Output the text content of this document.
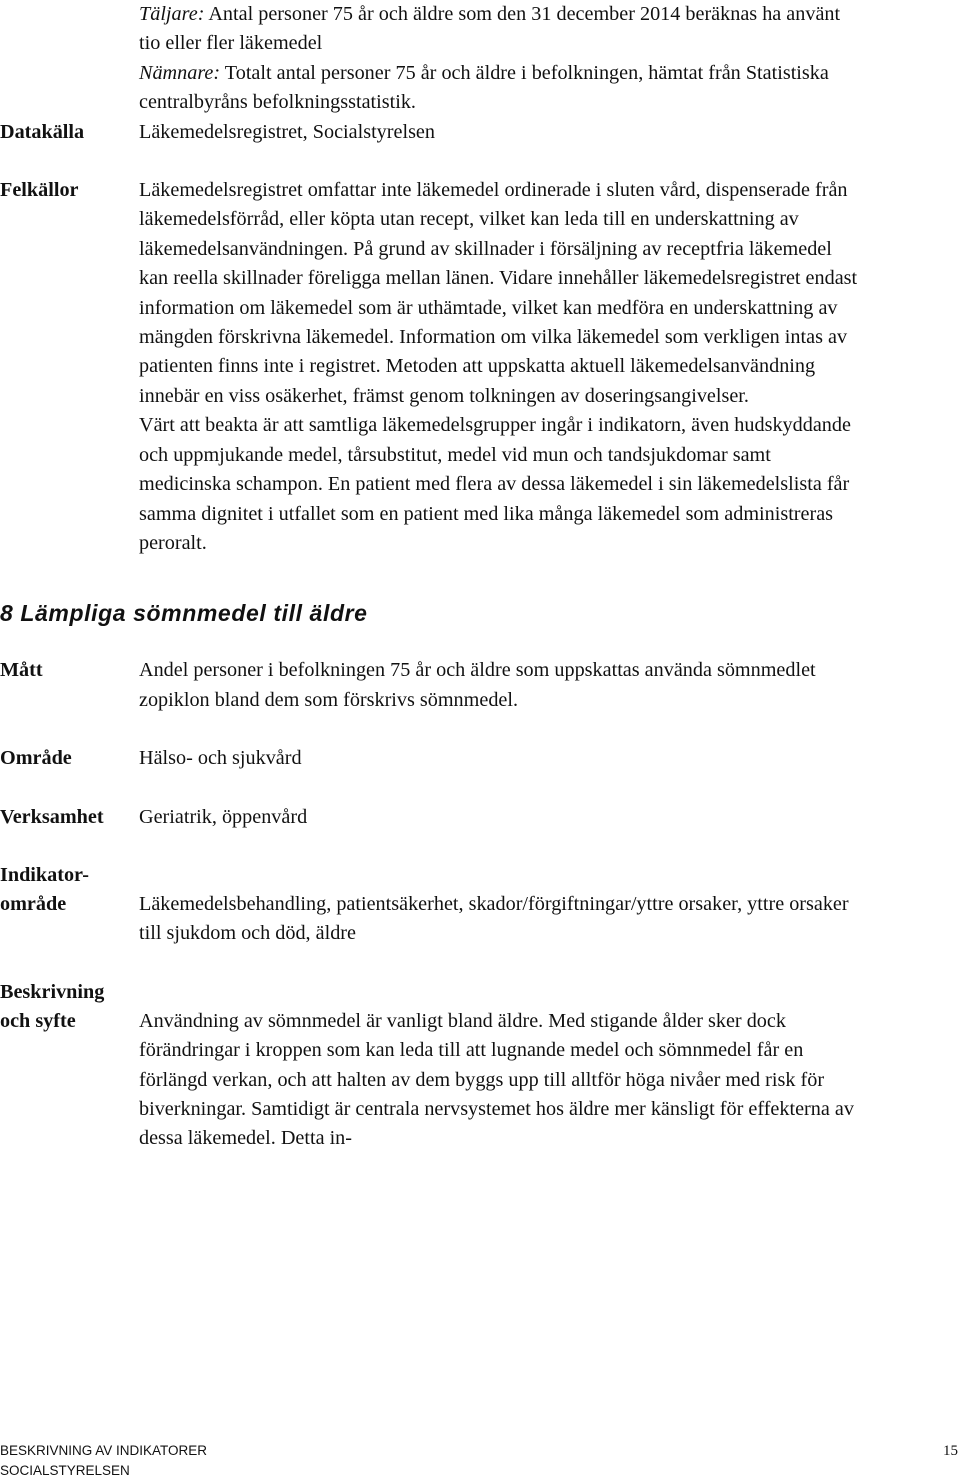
Täljare: Antal personer 75 år och äldre som den 31 december 2014 beräknas ha använt tio eller fler läkemedel
Nämnare: Totalt antal personer 75 år och äldre i befolkningen, hämtat från Statistiska centralbyråns befolkningsstatistik.
Datakälla	Läkemedelsregistret, Socialstyrelsen
Felkällor	Läkemedelsregistret omfattar inte läkemedel ordinerade i sluten vård, dispenserade från läkemedelsförråd, eller köpta utan recept, vilket kan leda till en underskattning av läkemedelsanvändningen. På grund av skillnader i försäljning av receptfria läkemedel kan reella skillnader föreligga mellan länen. Vidare innehåller läkemedelsregistret endast information om läkemedel som är uthämtade, vilket kan medföra en underskattning av mängden förskrivna läkemedel. Information om vilka läkemedel som verkligen intas av patienten finns inte i registret. Metoden att uppskatta aktuell läkemedelsanvändning innebär en viss osäkerhet, främst genom tolkningen av doseringsangivelser.

Värt att beakta är att samtliga läkemedelsgrupper ingår i indikatorn, även hudskyddande och uppmjukande medel, tårsubstitut, medel vid mun och tandsjukdomar samt medicinska schampon. En patient med flera av dessa läkemedel i sin läkemedelslista får samma dignitet i utfallet som en patient med lika många läkemedel som administreras peroralt.

8 Lämpliga sömnmedel till äldre
Mått	Andel personer i befolkningen 75 år och äldre som uppskattas använda sömnmedlet zopiklon bland dem som förskrivs sömnmedel.
Område	Hälso- och sjukvård
Verksamhet	Geriatrik, öppenvård
Indikator-område	Läkemedelsbehandling, patientsäkerhet, skador/förgiftningar/yttre orsaker, yttre orsaker till sjukdom och död, äldre
Beskrivning och syfte	Användning av sömnmedel är vanligt bland äldre. Med stigande ålder sker dock förändringar i kroppen som kan leda till att lugnande medel och sömnmedel får en förlängd verkan, och att halten av dem byggs upp till alltför höga nivåer med risk för biverkningar. Samtidigt är centrala nervsystemet hos äldre mer känsligt för effekterna av dessa läkemedel. Detta in-
BESKRIVNING AV INDIKATORER
SOCIALSTYRELSEN
15
